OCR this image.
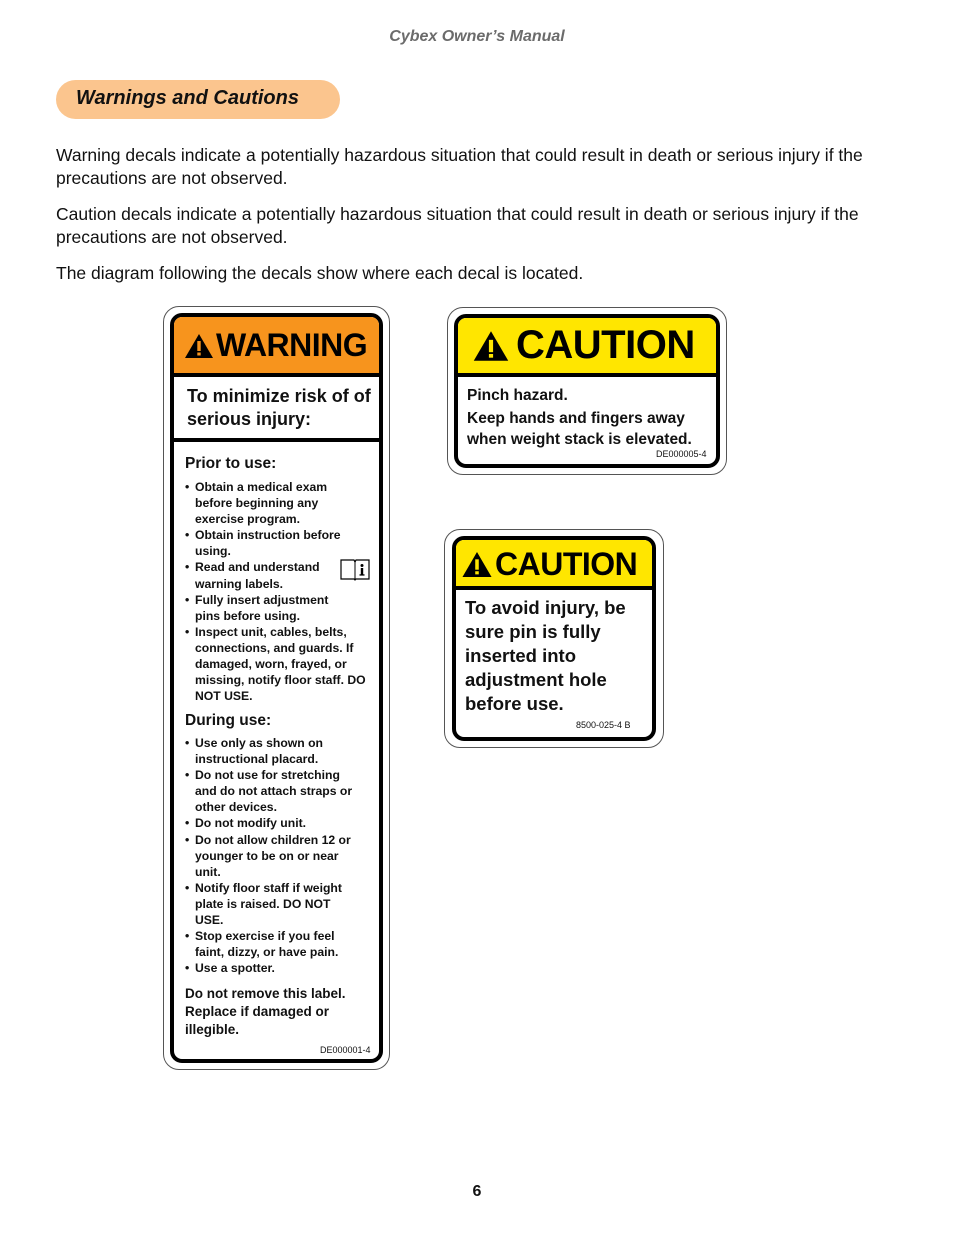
Cybex Owner’s Manual
Warnings and Cautions
Warning decals indicate a potentially hazardous situation that could result in death or serious injury if the precautions are not observed.
Caution decals indicate a potentially hazardous situation that could result in death or serious injury if the precautions are not observed.
The diagram following the decals show where each decal is located.
WARNING
To minimize risk of of serious injury:
Prior to use:
• Obtain a medical exam before beginning any exercise program.
• Obtain instruction before using.
• Read and understand warning labels.
• Fully insert adjustment pins before using.
• Inspect unit, cables, belts, connections, and guards. If damaged, worn, frayed, or missing, notify floor staff. DO NOT USE.
During use:
• Use only as shown on instructional placard.
• Do not use for stretching and do not attach straps or other devices.
• Do not modify unit.
• Do not allow children 12 or younger to be on or near unit.
• Notify floor staff if weight plate is raised. DO NOT USE.
• Stop exercise if you feel faint, dizzy, or have pain.
• Use a spotter.
Do not remove this label. Replace if damaged or illegible.
DE000001-4
CAUTION
Pinch hazard.
Keep hands and fingers away when weight stack is elevated.
DE000005-4
CAUTION
To avoid injury, be sure pin is fully inserted into adjustment hole before use.
8500-025-4 B
6
